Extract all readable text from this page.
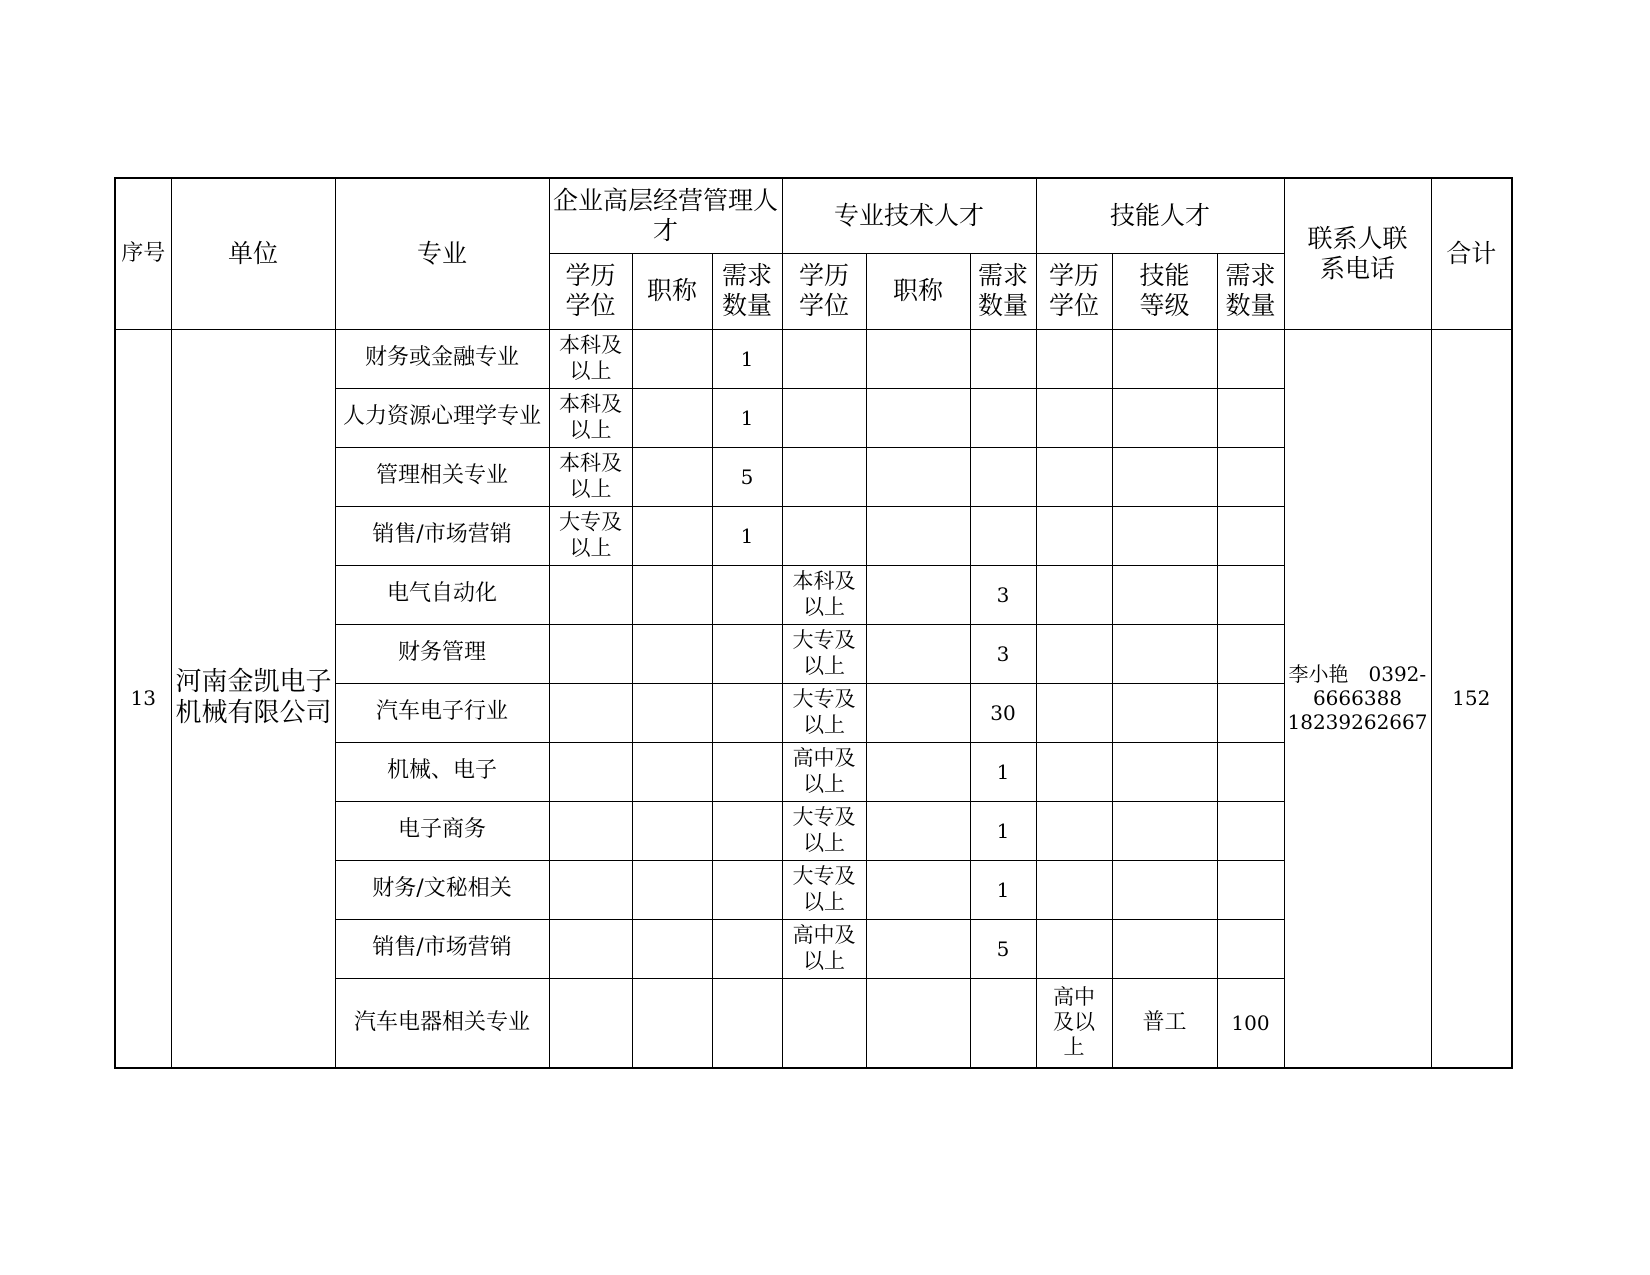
序号	单位	专业	企业高层经营管理人才			专业技术人才			技能人才			联系人联系电话	合计
			学历学位	职称	需求数量	学历学位	职称	需求数量	学历学位	技能等级	需求数量		
13	河南金凯电子机械有限公司	财务或金融专业	本科及以上		1							李小艳　0392-
6666388
18239262667	152
		人力资源心理学专业	本科及以上		1								
		管理相关专业	本科及以上		5								
		销售/市场营销	大专及以上		1								
		电气自动化				本科及以上		3					
		财务管理				大专及以上		3					
		汽车电子行业				大专及以上		30					
		机械、电子				高中及以上		1					
		电子商务				大专及以上		1					
		财务/文秘相关				大专及以上		1					
		销售/市场营销				高中及以上		5					
		汽车电器相关专业							高中及以上	普工	100		
